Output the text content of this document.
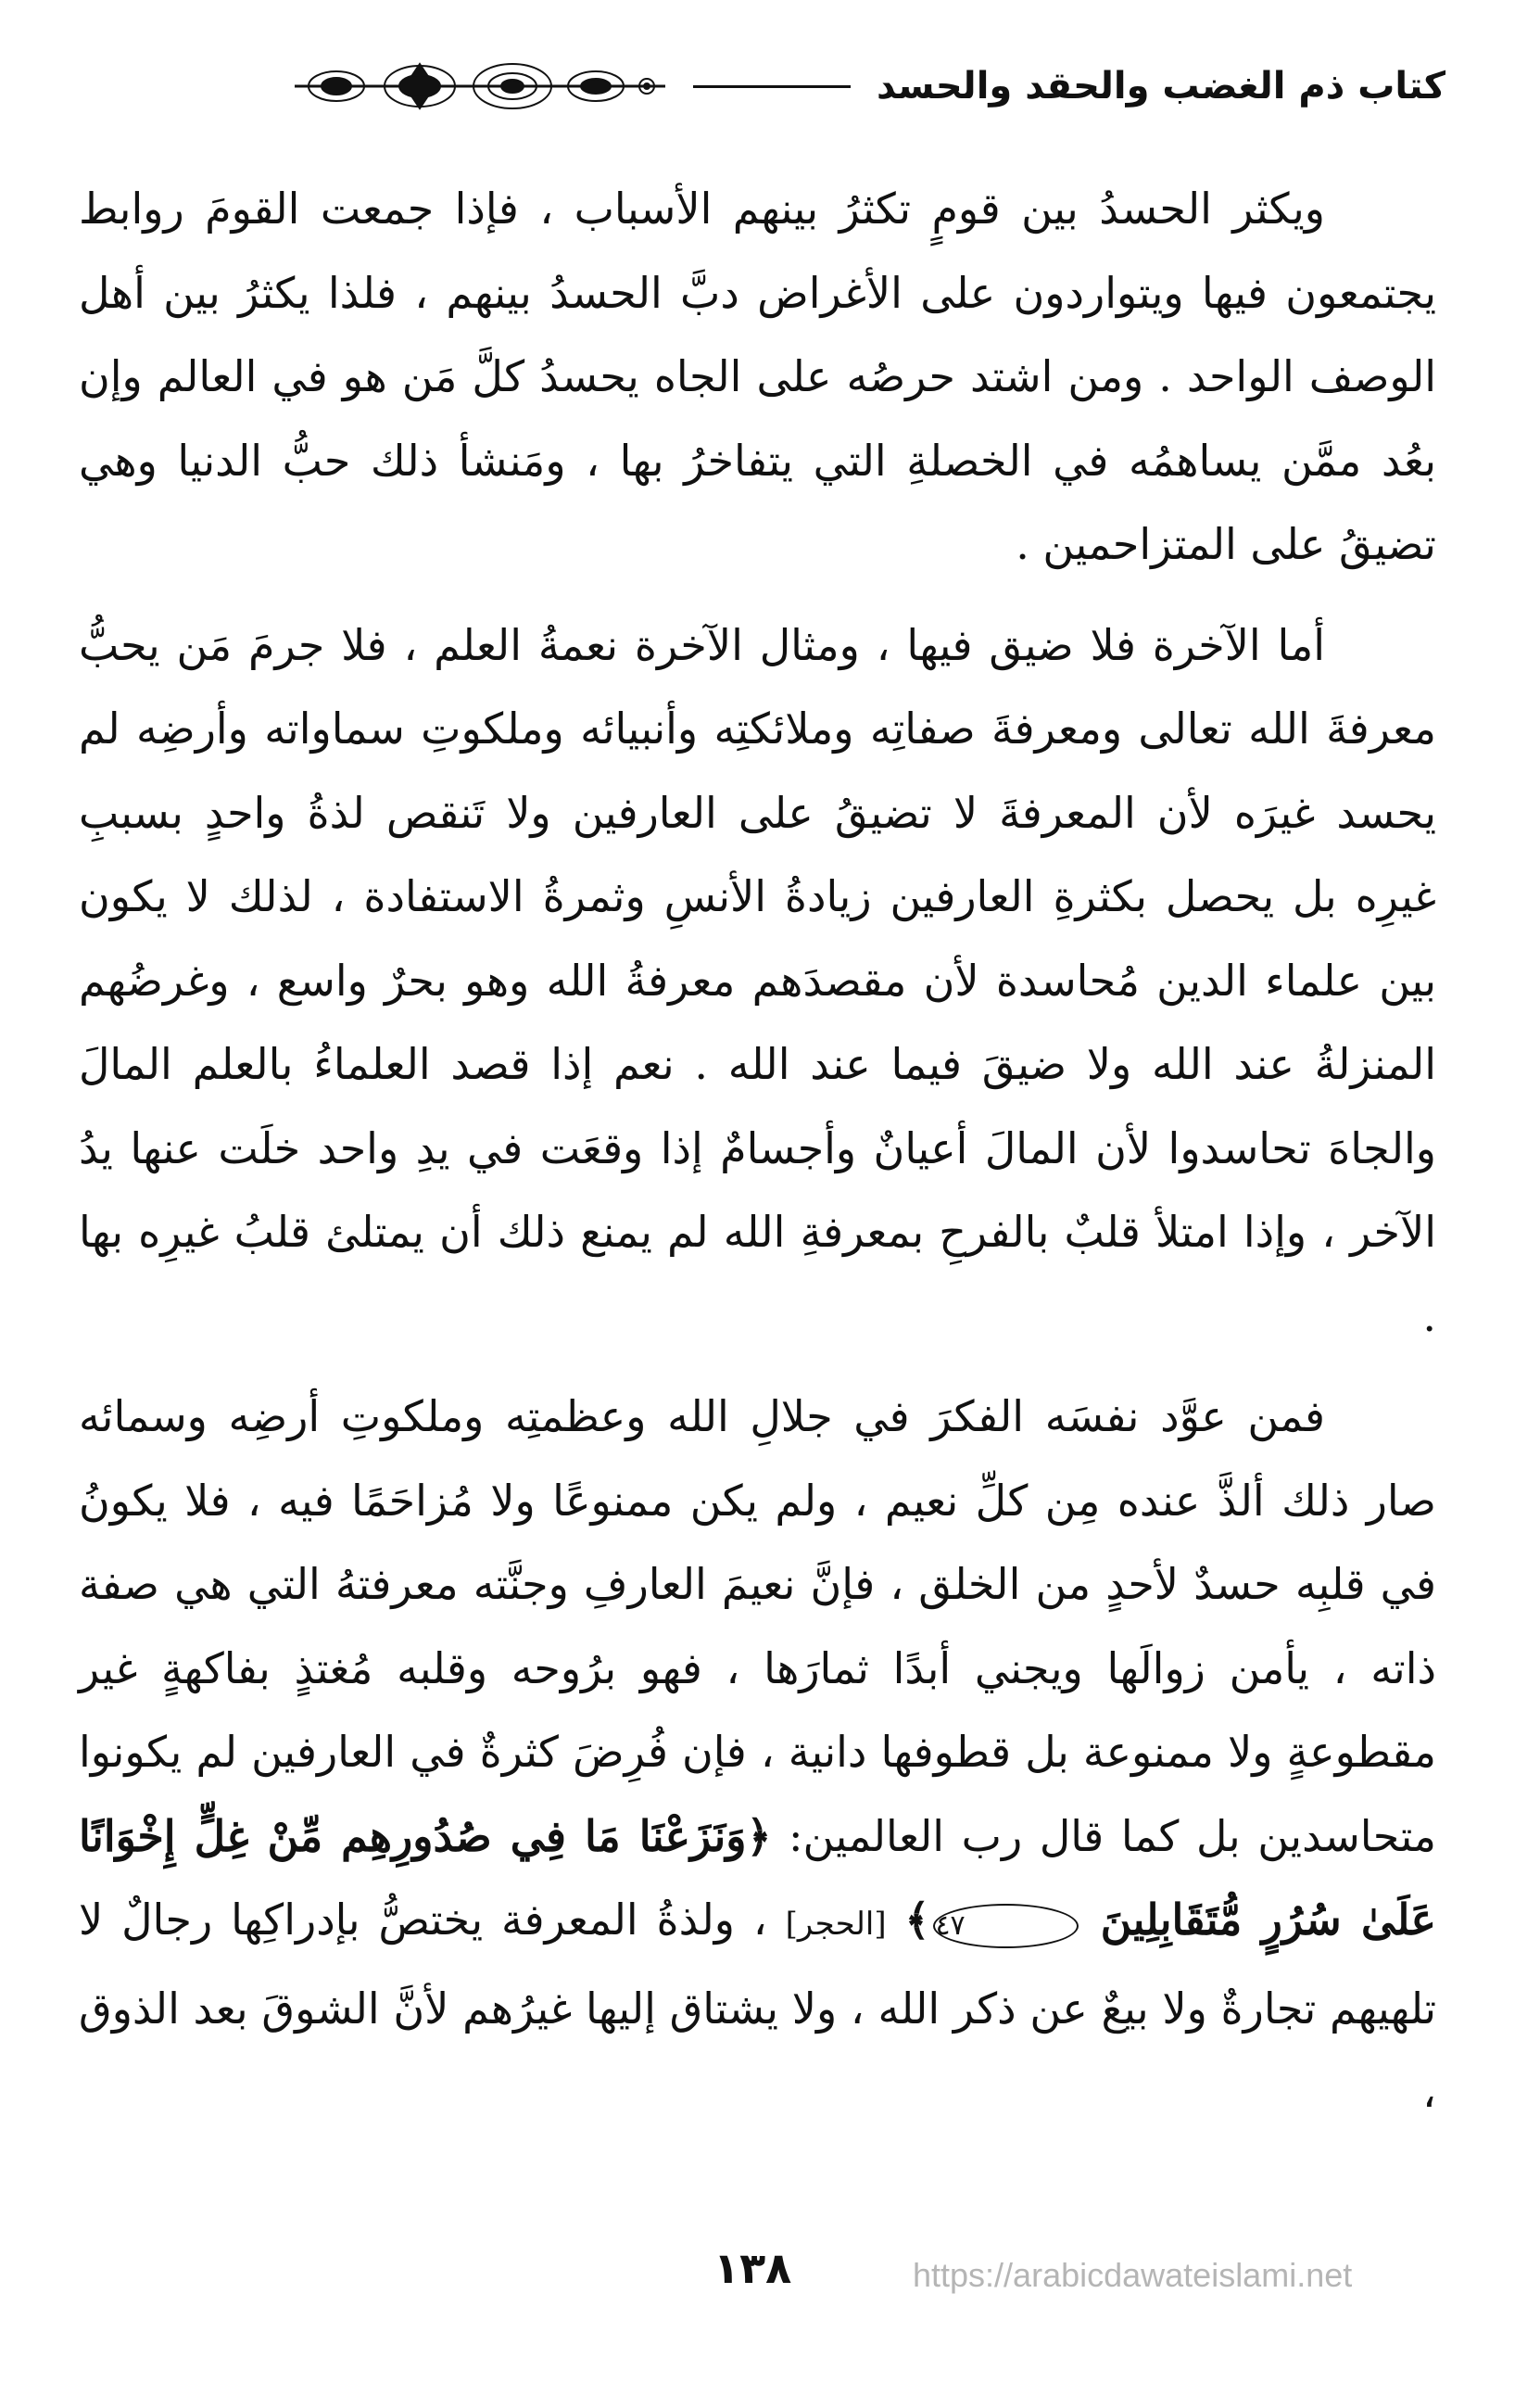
كتاب ذم الغضب والحقد والحسد

ويكثر الحسدُ بين قومٍ تكثرُ بينهم الأسباب ، فإذا جمعت القومَ روابط يجتمعون فيها ويتواردون على الأغراض دبَّ الحسدُ بينهم ، فلذا يكثرُ بين أهل الوصف الواحد . ومن اشتد حرصُه على الجاه يحسدُ كلَّ مَن هو في العالم وإن بعُد ممَّن يساهمُه في الخصلةِ التي يتفاخرُ بها ، ومَنشأ ذلك حبُّ الدنيا وهي تضيقُ على المتزاحمين .

أما الآخرة فلا ضيق فيها ، ومثال الآخرة نعمةُ العلم ، فلا جرمَ مَن يحبُّ معرفةَ الله تعالى ومعرفةَ صفاتِه وملائكتِه وأنبيائه وملكوتِ سماواته وأرضِه لم يحسد غيرَه لأن المعرفةَ لا تضيقُ على العارفين ولا تَنقص لذةُ واحدٍ بسببِ غيرِه بل يحصل بكثرةِ العارفين زيادةُ الأنسِ وثمرةُ الاستفادة ، لذلك لا يكون بين علماء الدين مُحاسدة لأن مقصدَهم معرفةُ الله وهو بحرٌ واسع ، وغرضُهم المنزلةُ عند الله ولا ضيقَ فيما عند الله . نعم إذا قصد العلماءُ بالعلم المالَ والجاهَ تحاسدوا لأن المالَ أعيانٌ وأجسامٌ إذا وقعَت في يدِ واحد خلَت عنها يدُ الآخر ، وإذا امتلأ قلبٌ بالفرحِ بمعرفةِ الله لم يمنع ذلك أن يمتلئ قلبُ غيرِه بها .

فمن عوَّد نفسَه الفكرَ في جلالِ الله وعظمتِه وملكوتِ أرضِه وسمائه صار ذلك ألذَّ عنده مِن كلِّ نعيم ، ولم يكن ممنوعًا ولا مُزاحَمًا فيه ، فلا يكونُ في قلبِه حسدٌ لأحدٍ من الخلق ، فإنَّ نعيمَ العارفِ وجنَّته معرفتهُ التي هي صفة ذاته ، يأمن زوالَها ويجني أبدًا ثمارَها ، فهو برُوحه وقلبه مُغتذٍ بفاكهةٍ غير مقطوعةٍ ولا ممنوعة بل قطوفها دانية ، فإن فُرِضَ كثرةٌ في العارفين لم يكونوا متحاسدين بل كما قال رب العالمين: ﴿وَنَزَعْنَا مَا فِي صُدُورِهِم مِّنْ غِلٍّ إِخْوَانًا عَلَىٰ سُرُرٍ مُّتَقَابِلِينَ ٤٧﴾ [الحجر] ، ولذةُ المعرفة يختصُّ بإدراكِها رجالٌ لا تلهيهم تجارةٌ ولا بيعٌ عن ذكر الله ، ولا يشتاق إليها غيرُهم لأنَّ الشوقَ بعد الذوق ،

١٣٨	https://arabicdawateislami.net
